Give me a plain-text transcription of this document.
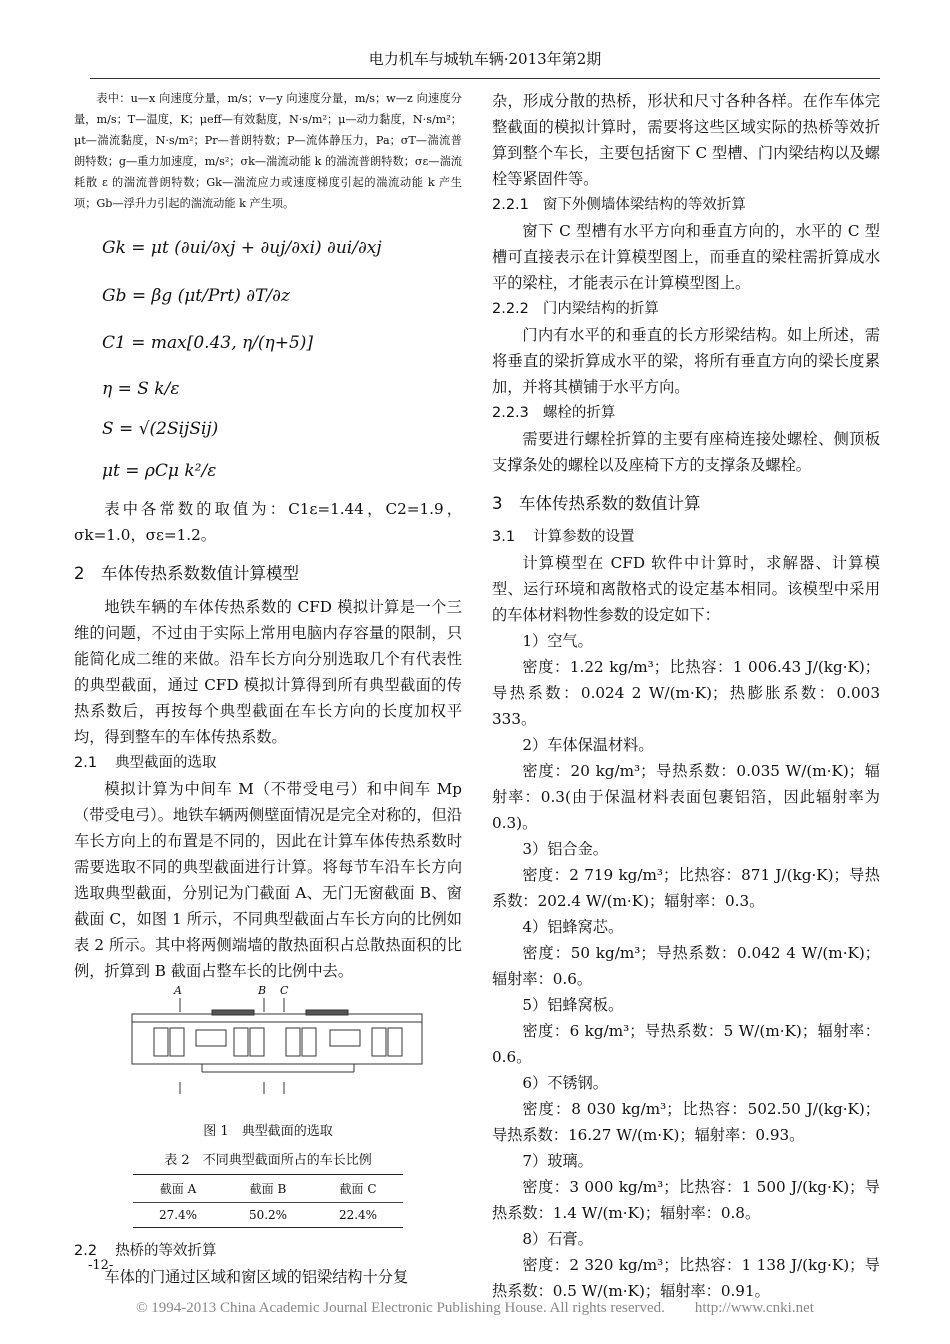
电力机车与城轨车辆·2013年第2期

表中：u—x 向速度分量，m/s；v—y 向速度分量，m/s；w—z 向速度分量，m/s；T—温度，K；μeff—有效黏度，N·s/m²；μ—动力黏度，N·s/m²；μt—湍流黏度，N·s/m²；Pr—普朗特数；P—流体静压力，Pa；σT—湍流普朗特数；g—重力加速度，m/s²；σk—湍流动能 k 的湍流普朗特数；σε—湍流耗散 ε 的湍流普朗特数；Gk—湍流应力或速度梯度引起的湍流动能 k 产生项；Gb—浮升力引起的湍流动能 k 产生项。

Gk = μt (∂ui/∂xj + ∂uj/∂xi) ∂ui/∂xj
Gb = βg (μt/Prt) ∂T/∂z
C1 = max[0.43, η/(η+5)]
η = S k/ε
S = √(2SijSij)
μt = ρCμ k²/ε

表中各常数的取值为：C1ε=1.44，C2=1.9，σk=1.0，σε=1.2。

2　车体传热系数数值计算模型

地铁车辆的车体传热系数的 CFD 模拟计算是一个三维的问题，不过由于实际上常用电脑内存容量的限制，只能简化成二维的来做。沿车长方向分别选取几个有代表性的典型截面，通过 CFD 模拟计算得到所有典型截面的传热系数后，再按每个典型截面在车长方向的长度加权平均，得到整车的车体传热系数。

2.1 典型截面的选取

模拟计算为中间车 M（不带受电弓）和中间车 Mp（带受电弓）。地铁车辆两侧壁面情况是完全对称的，但沿车长方向上的布置是不同的，因此在计算车体传热系数时需要选取不同的典型截面进行计算。将每节车沿车长方向选取典型截面，分别记为门截面 A、无门无窗截面 B、窗截面 C，如图 1 所示，不同典型截面占车长方向的比例如表 2 所示。其中将两侧端墙的散热面积占总散热面积的比例，折算到 B 截面占整车长的比例中去。

A	B C
图 1　典型截面的选取
表 2　不同典型截面所占的车长比例
截面 A	截面 B	截面 C
27.4%	50.2%	22.4%
2.2 热桥的等效折算

车体的门通过区域和窗区域的铝梁结构十分复

杂，形成分散的热桥，形状和尺寸各种各样。在作车体完整截面的模拟计算时，需要将这些区域实际的热桥等效折算到整个车长，主要包括窗下 C 型槽、门内梁结构以及螺栓等紧固件等。

2.2.1 窗下外侧墙体梁结构的等效折算

窗下 C 型槽有水平方向和垂直方向的，水平的 C 型槽可直接表示在计算模型图上，而垂直的梁柱需折算成水平的梁柱，才能表示在计算模型图上。

2.2.2 门内梁结构的折算

门内有水平的和垂直的长方形梁结构。如上所述，需将垂直的梁折算成水平的梁，将所有垂直方向的梁长度累加，并将其横铺于水平方向。

2.2.3 螺栓的折算

需要进行螺栓折算的主要有座椅连接处螺栓、侧顶板支撑条处的螺栓以及座椅下方的支撑条及螺栓。

3　车体传热系数的数值计算
3.1 计算参数的设置

计算模型在 CFD 软件中计算时，求解器、计算模型、运行环境和离散格式的设定基本相同。该模型中采用的车体材料物性参数的设定如下：

1）空气。

密度：1.22 kg/m³；比热容：1 006.43 J/(kg·K)；导热系数：0.024 2 W/(m·K)；热膨胀系数：0.003 333。

2）车体保温材料。

密度：20 kg/m³；导热系数：0.035 W/(m·K)；辐射率：0.3(由于保温材料表面包裹铝箔，因此辐射率为 0.3)。

3）铝合金。

密度：2 719 kg/m³；比热容：871 J/(kg·K)；导热系数：202.4 W/(m·K)；辐射率：0.3。

4）铝蜂窝芯。

密度：50 kg/m³；导热系数：0.042 4 W/(m·K)；辐射率：0.6。

5）铝蜂窝板。

密度：6 kg/m³；导热系数：5 W/(m·K)；辐射率：0.6。

6）不锈钢。

密度：8 030 kg/m³；比热容：502.50 J/(kg·K)；导热系数：16.27 W/(m·K)；辐射率：0.93。

7）玻璃。

密度：3 000 kg/m³；比热容：1 500 J/(kg·K)；导热系数：1.4 W/(m·K)；辐射率：0.8。

8）石膏。

密度：2 320 kg/m³；比热容：1 138 J/(kg·K)；导热系数：0.5 W/(m·K)；辐射率：0.91。

-12-
© 1994-2013 China Academic Journal Electronic Publishing House. All rights reserved.　　http://www.cnki.net
